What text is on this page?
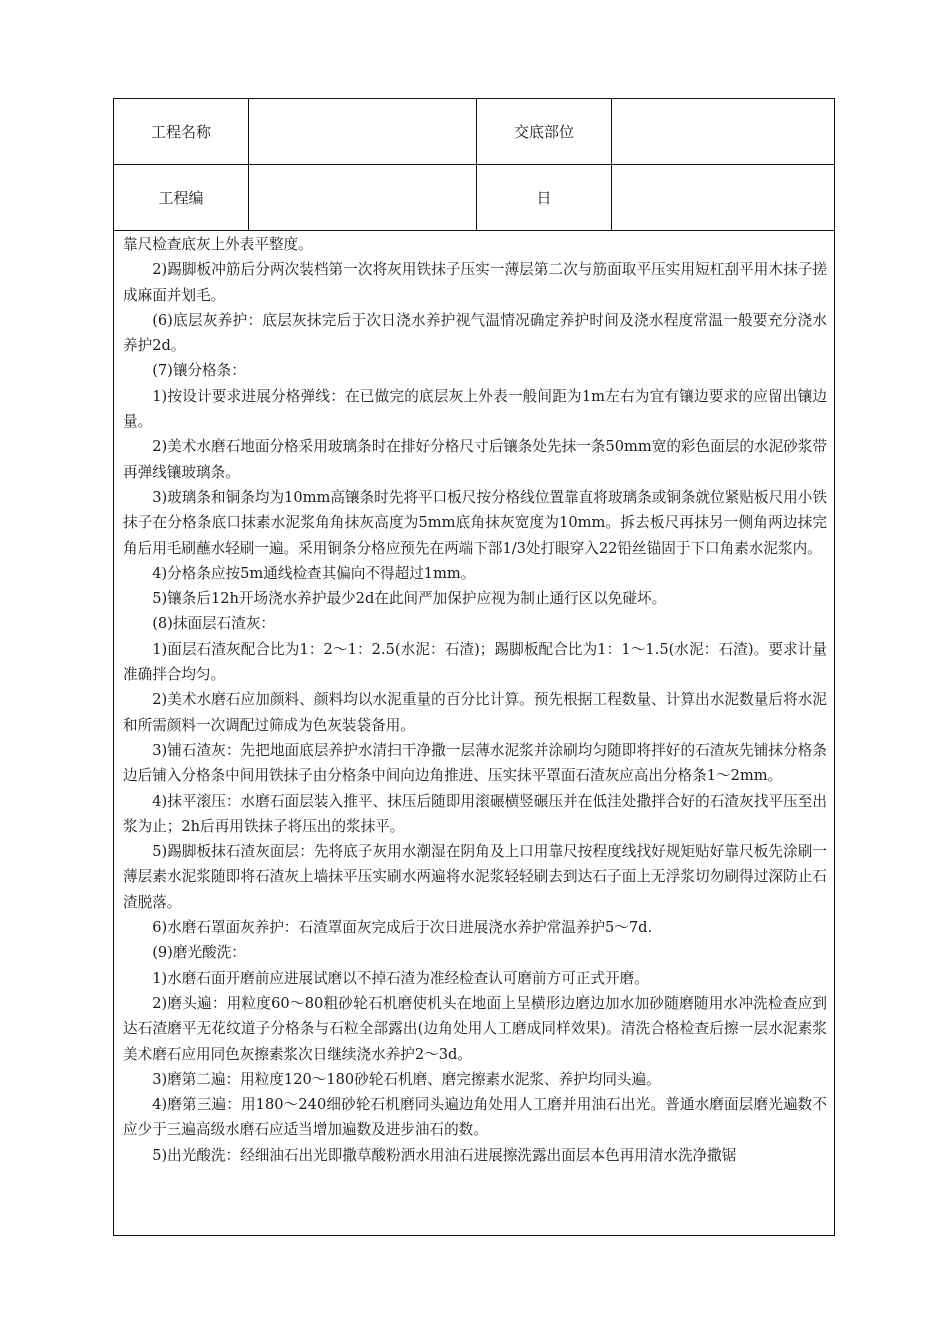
工程名称	交底部位
工程编	日

靠尺检查底灰上外表平整度。

2)踢脚板冲筋后分两次装档第一次将灰用铁抹子压实一薄层第二次与筋面取平压实用短杠刮平用木抹子搓成麻面并划毛。

(6)底层灰养护：底层灰抹完后于次日浇水养护视气温情况确定养护时间及浇水程度常温一般要充分浇水养护2d。

(7)镶分格条：

1)按设计要求进展分格弹线：在已做完的底层灰上外表一般间距为1m左右为宜有镶边要求的应留出镶边量。

2)美术水磨石地面分格采用玻璃条时在排好分格尺寸后镶条处先抹一条50mm宽的彩色面层的水泥砂浆带再弹线镶玻璃条。

3)玻璃条和铜条均为10mm高镶条时先将平口板尺按分格线位置靠直将玻璃条或铜条就位紧贴板尺用小铁抹子在分格条底口抹素水泥浆角角抹灰高度为5mm底角抹灰宽度为10mm。拆去板尺再抹另一侧角两边抹完角后用毛刷蘸水轻刷一遍。采用铜条分格应预先在两端下部1/3处打眼穿入22铅丝锚固于下口角素水泥浆内。

4)分格条应按5m通线检查其偏向不得超过1mm。

5)镶条后12h开场浇水养护最少2d在此间严加保护应视为制止通行区以免碰坏。

(8)抹面层石渣灰：

1)面层石渣灰配合比为1：2～1：2.5(水泥：石渣)；踢脚板配合比为1：1～1.5(水泥：石渣)。要求计量准确拌合均匀。

2)美术水磨石应加颜料、颜料均以水泥重量的百分比计算。预先根据工程数量、计算出水泥数量后将水泥和所需颜料一次调配过筛成为色灰装袋备用。

3)铺石渣灰：先把地面底层养护水清扫干净撒一层薄水泥浆并涂刷均匀随即将拌好的石渣灰先铺抹分格条边后铺入分格条中间用铁抹子由分格条中间向边角推进、压实抹平罩面石渣灰应高出分格条1～2mm。

4)抹平滚压：水磨石面层装入推平、抹压后随即用滚碾横竖碾压并在低洼处撒拌合好的石渣灰找平压至出浆为止；2h后再用铁抹子将压出的浆抹平。

5)踢脚板抹石渣灰面层：先将底子灰用水潮湿在阴角及上口用靠尺按程度线找好规矩贴好靠尺板先涂刷一薄层素水泥浆随即将石渣灰上墙抹平压实刷水两遍将水泥浆轻轻刷去到达石子面上无浮浆切勿刷得过深防止石渣脱落。

6)水磨石罩面灰养护：石渣罩面灰完成后于次日进展浇水养护常温养护5～7d.

(9)磨光酸洗：

1)水磨石面开磨前应进展试磨以不掉石渣为准经检查认可磨前方可正式开磨。

2)磨头遍：用粒度60～80粗砂轮石机磨使机头在地面上呈横形边磨边加水加砂随磨随用水冲洗检查应到达石渣磨平无花纹道子分格条与石粒全部露出(边角处用人工磨成同样效果)。清洗合格检查后擦一层水泥素浆美术磨石应用同色灰擦素浆次日继续浇水养护2～3d。

3)磨第二遍：用粒度120～180砂轮石机磨、磨完擦素水泥浆、养护均同头遍。

4)磨第三遍：用180～240细砂轮石机磨同头遍边角处用人工磨并用油石出光。普通水磨面层磨光遍数不应少于三遍高级水磨石应适当增加遍数及进步油石的数。

5)出光酸洗：经细油石出光即撒草酸粉洒水用油石进展擦洗露出面层本色再用清水洗净撒锯
